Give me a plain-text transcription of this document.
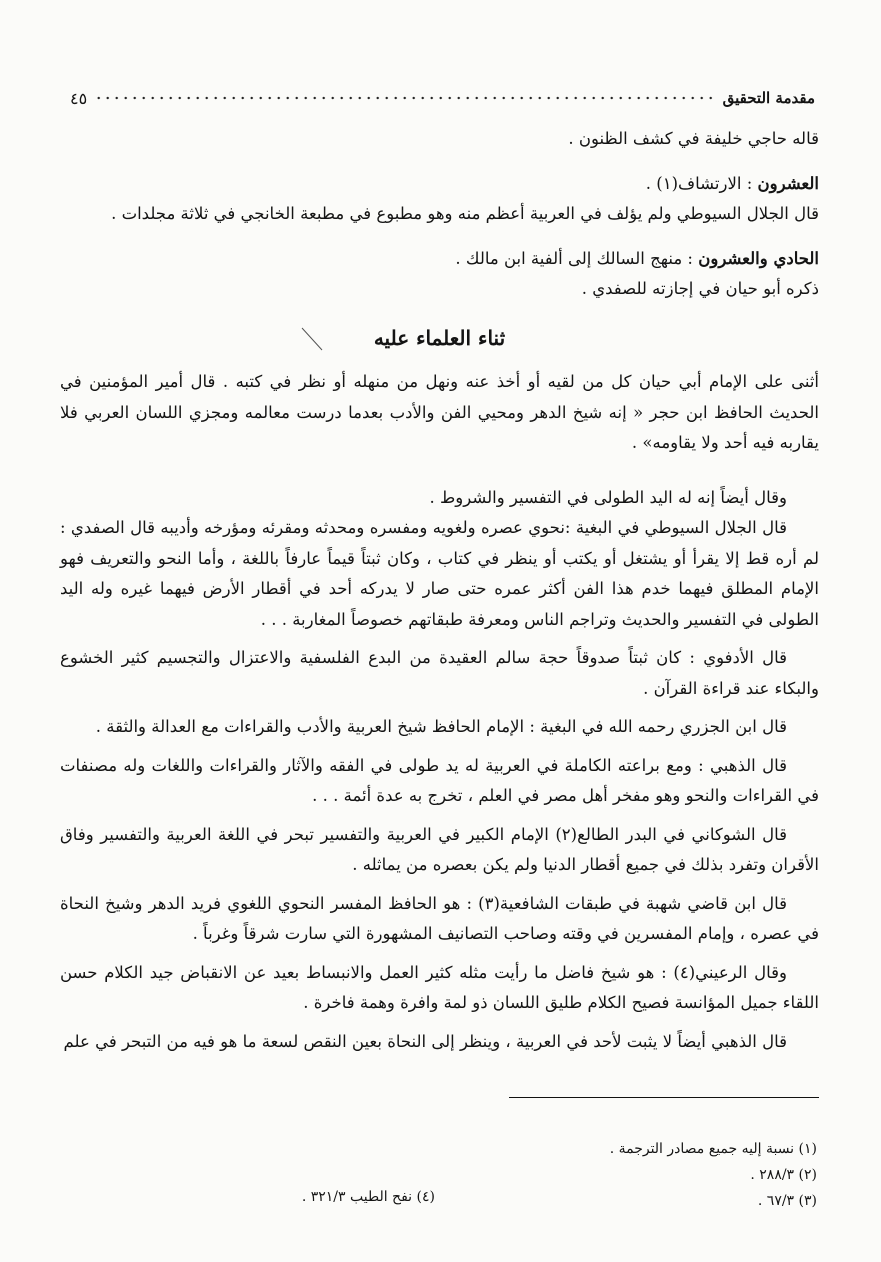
مقدمة التحقيق
٤٥

قاله حاجي خليفة في كشف الظنون .

العشرون : الارتشاف(١) .

قال الجلال السيوطي ولم يؤلف في العربية أعظم منه وهو مطبوع في مطبعة الخانجي في ثلاثة مجلدات .

الحادي والعشرون : منهج السالك إلى ألفية ابن مالك .

ذكره أبو حيان في إجازته للصفدي .

ثناء العلماء عليه

أثنى على الإمام أبي حيان كل من لقيه أو أخذ عنه ونهل من منهله أو نظر في كتبه . قال أمير المؤمنين في الحديث الحافظ ابن حجر « إنه شيخ الدهر ومحيي الفن والأدب بعدما درست معالمه ومجزي اللسان العربي فلا يقاربه فيه أحد ولا يقاومه» .

وقال أيضاً إنه له اليد الطولى في التفسير والشروط .

قال الجلال السيوطي في البغية :نحوي عصره ولغويه ومفسره ومحدثه ومقرئه ومؤرخه وأديبه قال الصفدي : لم أره قط إلا يقرأ أو يشتغل أو يكتب أو ينظر في كتاب ، وكان ثبتاً قيماً عارفاً باللغة ، وأما النحو والتعريف فهو الإمام المطلق فيهما خدم هذا الفن أكثر عمره حتى صار لا يدركه أحد في أقطار الأرض فيهما غيره وله اليد الطولى في التفسير والحديث وتراجم الناس ومعرفة طبقاتهم خصوصاً المغاربة . . .

قال الأدفوي : كان ثبتاً صدوقاً حجة سالم العقيدة من البدع الفلسفية والاعتزال والتجسيم كثير الخشوع والبكاء عند قراءة القرآن .

قال ابن الجزري رحمه الله في البغية : الإمام الحافظ شيخ العربية والأدب والقراءات مع العدالة والثقة .

قال الذهبي : ومع براعته الكاملة في العربية له يد طولى في الفقه والآثار والقراءات واللغات وله مصنفات في القراءات والنحو وهو مفخر أهل مصر في العلم ، تخرج به عدة أئمة . . .

قال الشوكاني في البدر الطالع(٢) الإمام الكبير في العربية والتفسير تبحر في اللغة العربية والتفسير وفاق الأقران وتفرد بذلك في جميع أقطار الدنيا ولم يكن بعصره من يماثله .

قال ابن قاضي شهبة في طبقات الشافعية(٣) : هو الحافظ المفسر النحوي اللغوي فريد الدهر وشيخ النحاة في عصره ، وإمام المفسرين في وقته وصاحب التصانيف المشهورة التي سارت شرقاً وغرباً .

وقال الرعيني(٤) : هو شيخ فاضل ما رأيت مثله كثير العمل والانبساط بعيد عن الانقباض جيد الكلام حسن اللقاء جميل المؤانسة فصيح الكلام طليق اللسان ذو لمة وافرة وهمة فاخرة .

قال الذهبي أيضاً لا يثبت لأحد في العربية ، وينظر إلى النحاة بعين النقص لسعة ما هو فيه من التبحر في علم

(١) نسبة إليه جميع مصادر الترجمة .

(٢) ٢٨٨/٣ .

(٣) ٦٧/٣ .

(٤) نفح الطيب ٣٢١/٣ .
